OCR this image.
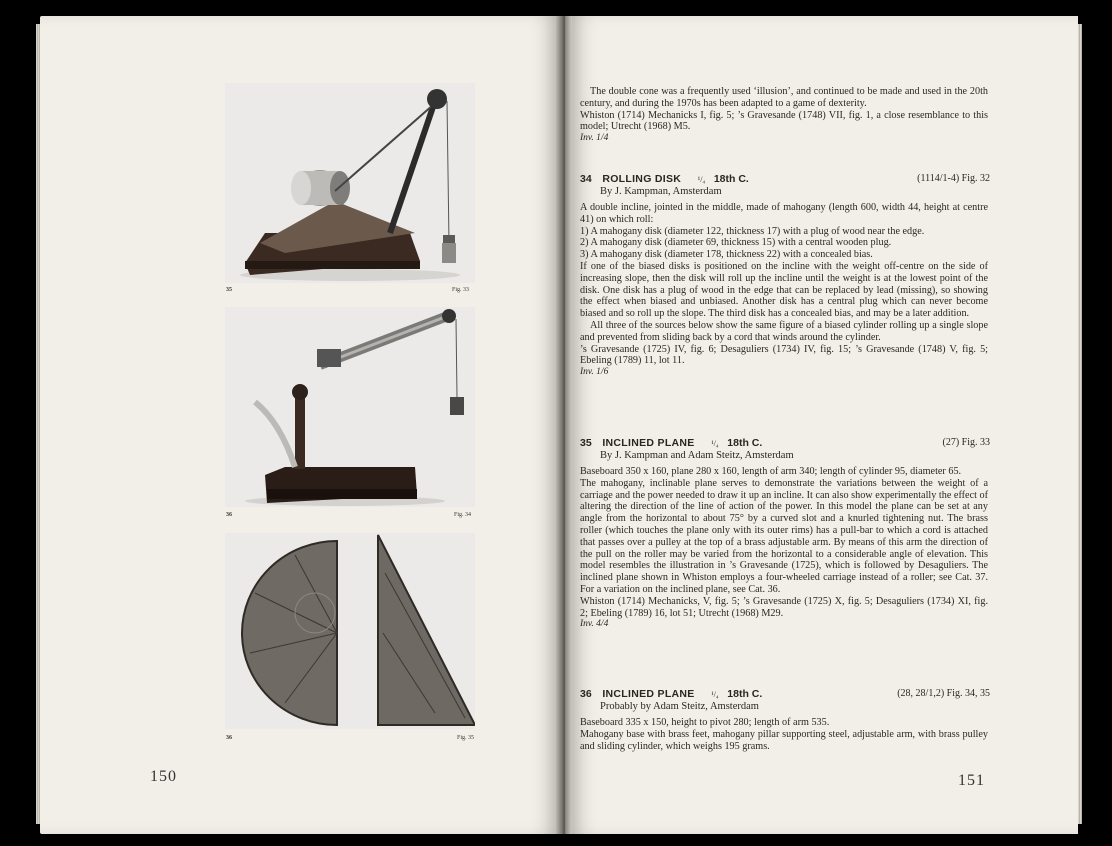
35	Fig. 33
36	Fig. 34
36	Fig. 35
150

The double cone was a frequently used ‘illusion’, and continued to be made and used in the 20th century, and during the 1970s has been adapted to a game of dexterity.

Whiston (1714) Mechanicks I, fig. 5; ’s Gravesande (1748) VII, fig. 1, a close resemblance to this model; Utrecht (1968) M5.

Inv. 1/4

34 ROLLING DISK ¹/₄ 18th C.	(1114/1-4) Fig. 32
By J. Kampman, Amsterdam

A double incline, jointed in the middle, made of mahogany (length 600, width 44, height at centre 41) on which roll:

1) A mahogany disk (diameter 122, thickness 17) with a plug of wood near the edge.

2) A mahogany disk (diameter 69, thickness 15) with a central wooden plug.

3) A mahogany disk (diameter 178, thickness 22) with a concealed bias.

If one of the biased disks is positioned on the incline with the weight off-centre on the side of increasing slope, then the disk will roll up the incline until the weight is at the lowest point of the disk. One disk has a plug of wood in the edge that can be replaced by lead (missing), so showing the effect when biased and unbiased. Another disk has a central plug which can never become biased and so roll up the slope. The third disk has a concealed bias, and may be a later addition.

All three of the sources below show the same figure of a biased cylinder rolling up a single slope and prevented from sliding back by a cord that winds around the cylinder.

’s Gravesande (1725) IV, fig. 6; Desaguliers (1734) IV, fig. 15; ’s Gravesande (1748) V, fig. 5; Ebeling (1789) 11, lot 11.

Inv. 1/6

35 INCLINED PLANE ¹/₄ 18th C.	(27) Fig. 33
By J. Kampman and Adam Steitz, Amsterdam

Baseboard 350 x 160, plane 280 x 160, length of arm 340; length of cylinder 95, diameter 65.

The mahogany, inclinable plane serves to demonstrate the variations between the weight of a carriage and the power needed to draw it up an incline. It can also show experimentally the effect of altering the direction of the line of action of the power. In this model the plane can be set at any angle from the horizontal to about 75° by a curved slot and a knurled tightening nut. The brass roller (which touches the plane only with its outer rims) has a pull-bar to which a cord is attached that passes over a pulley at the top of a brass adjustable arm. By means of this arm the direction of the pull on the roller may be varied from the horizontal to a considerable angle of elevation. This model resembles the illustration in ’s Gravesande (1725), which is followed by Desaguliers. The inclined plane shown in Whiston employs a four-wheeled carriage instead of a roller; see Cat. 37. For a variation on the inclined plane, see Cat. 36.

Whiston (1714) Mechanicks, V, fig. 5; ’s Gravesande (1725) X, fig. 5; Desaguliers (1734) XI, fig. 2; Ebeling (1789) 16, lot 51; Utrecht (1968) M29.

Inv. 4/4

36 INCLINED PLANE ¹/₄ 18th C.	(28, 28/1,2) Fig. 34, 35
Probably by Adam Steitz, Amsterdam

Baseboard 335 x 150, height to pivot 280; length of arm 535.

Mahogany base with brass feet, mahogany pillar supporting steel, adjustable arm, with brass pulley and sliding cylinder, which weighs 195 grams.

151
